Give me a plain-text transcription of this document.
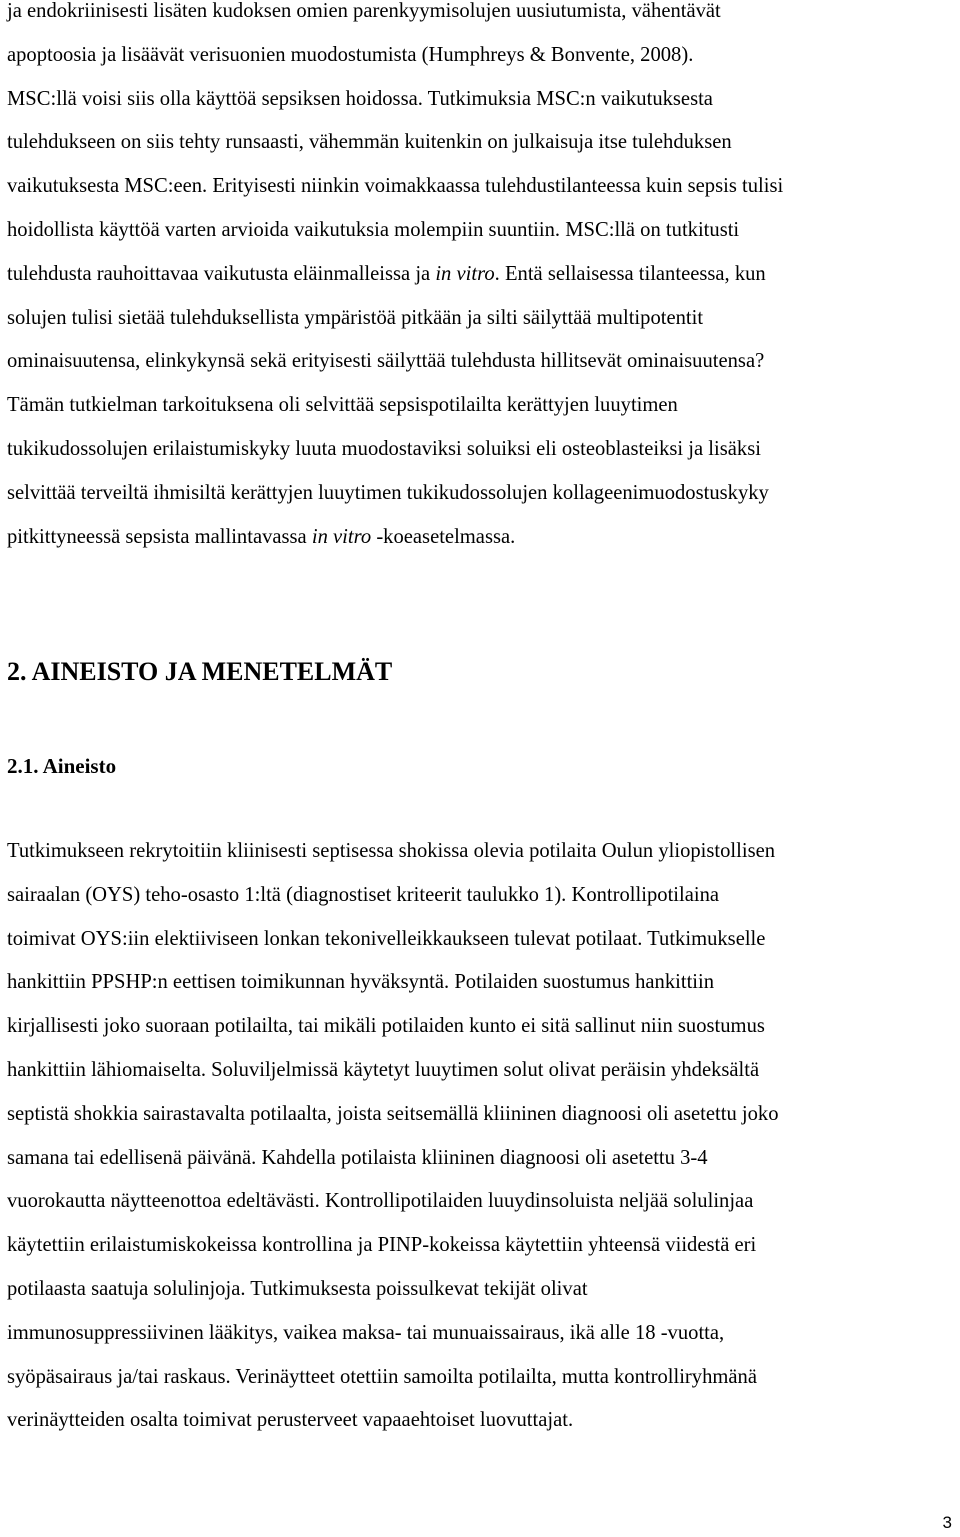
ja endokriinisesti lisäten kudoksen omien parenkyymisolujen uusiutumista, vähentävät
apoptoosia ja lisäävät verisuonien muodostumista (Humphreys & Bonvente, 2008).
MSC:llä voisi siis olla käyttöä sepsiksen hoidossa. Tutkimuksia MSC:n vaikutuksesta
tulehdukseen on siis tehty runsaasti, vähemmän kuitenkin on julkaisuja itse tulehduksen
vaikutuksesta MSC:een. Erityisesti niinkin voimakkaassa tulehdustilanteessa kuin sepsis tulisi
hoidollista käyttöä varten arvioida vaikutuksia molempiin suuntiin. MSC:llä on tutkitusti
tulehdusta rauhoittavaa vaikutusta eläinmalleissa ja in vitro. Entä sellaisessa tilanteessa, kun
solujen tulisi sietää tulehduksellista ympäristöä pitkään ja silti säilyttää multipotentit
ominaisuutensa, elinkykynsä sekä erityisesti säilyttää tulehdusta hillitsevät ominaisuutensa?
Tämän tutkielman tarkoituksena oli selvittää sepsispotilailta kerättyjen luuytimen
tukikudossolujen erilaistumiskyky luuta muodostaviksi soluiksi eli osteoblasteiksi ja lisäksi
selvittää terveiltä ihmisiltä kerättyjen luuytimen tukikudossolujen kollageenimuodostuskyky
pitkittyneessä sepsista mallintavassa in vitro -koeasetelmassa.

2. AINEISTO JA MENETELMÄT
2.1. Aineisto

Tutkimukseen rekrytoitiin kliinisesti septisessa shokissa olevia potilaita Oulun yliopistollisen
sairaalan (OYS) teho-osasto 1:ltä (diagnostiset kriteerit taulukko 1). Kontrollipotilaina
toimivat OYS:iin elektiiviseen lonkan tekonivelleikkaukseen tulevat potilaat. Tutkimukselle
hankittiin PPSHP:n eettisen toimikunnan hyväksyntä. Potilaiden suostumus hankittiin
kirjallisesti joko suoraan potilailta, tai mikäli potilaiden kunto ei sitä sallinut niin suostumus
hankittiin lähiomaiselta. Soluviljelmissä käytetyt luuytimen solut olivat peräisin yhdeksältä
septistä shokkia sairastavalta potilaalta, joista seitsemällä kliininen diagnoosi oli asetettu joko
samana tai edellisenä päivänä. Kahdella potilaista kliininen diagnoosi oli asetettu 3-4
vuorokautta näytteenottoa edeltävästi. Kontrollipotilaiden luuydinsoluista neljää solulinjaa
käytettiin erilaistumiskokeissa kontrollina ja PINP-kokeissa käytettiin yhteensä viidestä eri
potilaasta saatuja solulinjoja. Tutkimuksesta poissulkevat tekijät olivat
immunosuppressiivinen lääkitys, vaikea maksa- tai munuaissairaus, ikä alle 18 -vuotta,
syöpäsairaus ja/tai raskaus. Verinäytteet otettiin samoilta potilailta, mutta kontrolliryhmänä
verinäytteiden osalta toimivat perusterveet vapaaehtoiset luovuttajat.

3
